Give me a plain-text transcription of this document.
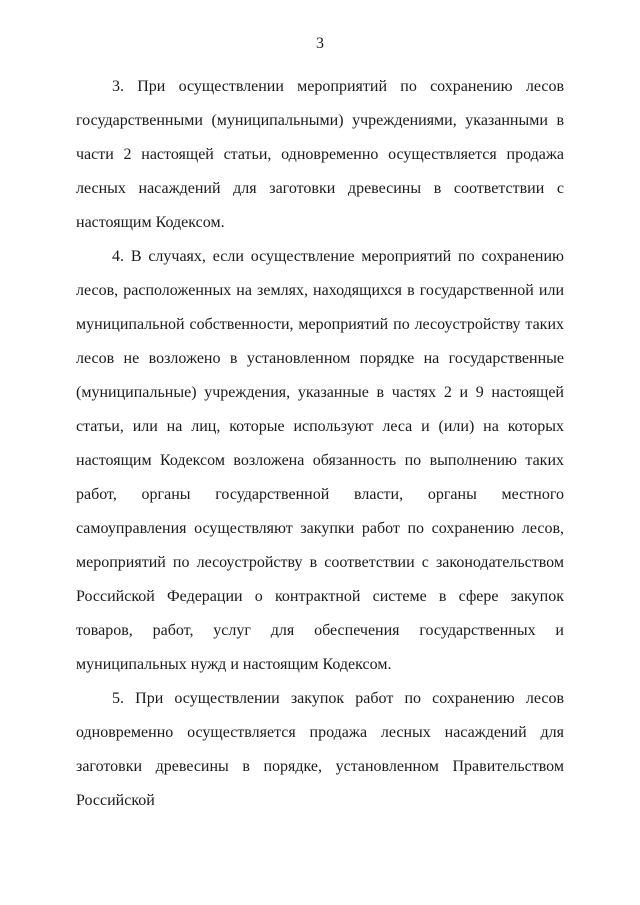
3

3. При осуществлении мероприятий по сохранению лесов государственными (муниципальными) учреждениями, указанными в части 2 настоящей статьи, одновременно осуществляется продажа лесных насаждений для заготовки древесины в соответствии с настоящим Кодексом.

4. В случаях, если осуществление мероприятий по сохранению лесов, расположенных на землях, находящихся в государственной или муниципальной собственности, мероприятий по лесоустройству таких лесов не возложено в установленном порядке на государственные (муниципальные) учреждения, указанные в частях 2 и 9 настоящей статьи, или на лиц, которые используют леса и (или) на которых настоящим Кодексом возложена обязанность по выполнению таких работ, органы государственной власти, органы местного самоуправления осуществляют закупки работ по сохранению лесов, мероприятий по лесоустройству в соответствии с законодательством Российской Федерации о контрактной системе в сфере закупок товаров, работ, услуг для обеспечения государственных и муниципальных нужд и настоящим Кодексом.

5. При осуществлении закупок работ по сохранению лесов одновременно осуществляется продажа лесных насаждений для заготовки древесины в порядке, установленном Правительством Российской
